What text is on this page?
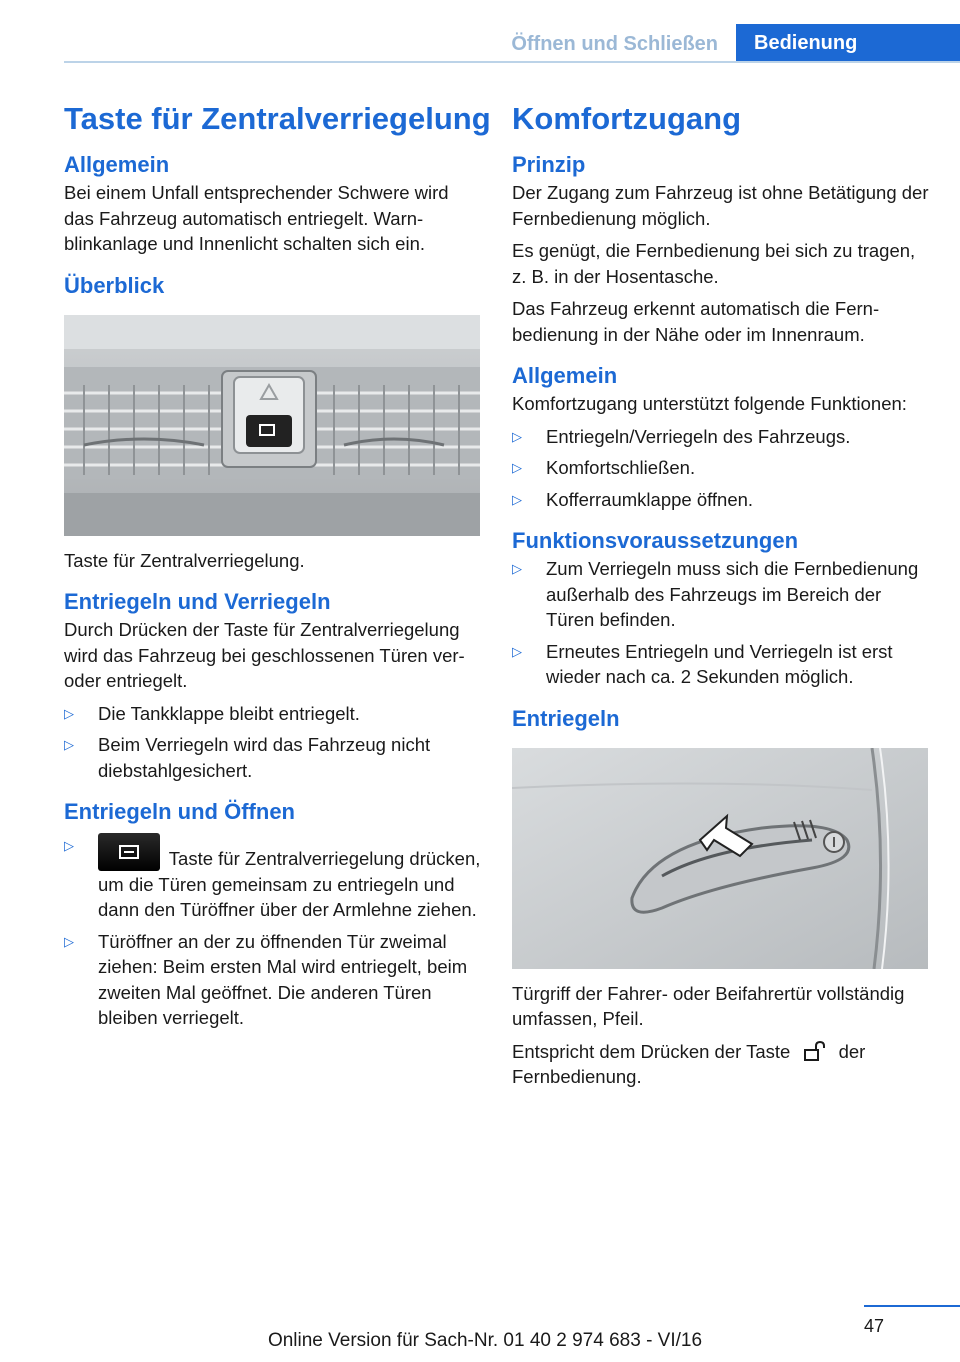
Öffnen und Schließen	Bedienung
Taste für Zentralverriegelung
Allgemein

Bei einem Unfall entsprechender Schwere wird das Fahrzeug automatisch entriegelt. Warnblinkanlage und Innenlicht schalten sich ein.

Überblick

Taste für Zentralverriegelung.

Entriegeln und Verriegeln

Durch Drücken der Taste für Zentralverriegelung wird das Fahrzeug bei geschlossenen Türen ver- oder entriegelt.

▷ Die Tankklappe bleibt entriegelt.
▷ Beim Verriegeln wird das Fahrzeug nicht diebstahlgesichert.
Entriegeln und Öffnen
▷
Taste für Zentralverriegelung drücken, um die Türen gemeinsam zu entriegeln und dann den Türöffner über der Armlehne ziehen.
▷ Türöffner an der zu öffnenden Tür zweimal ziehen: Beim ersten Mal wird entriegelt, beim zweiten Mal geöffnet. Die anderen Türen bleiben verriegelt.
Komfortzugang
Prinzip

Der Zugang zum Fahrzeug ist ohne Betätigung der Fernbedienung möglich.

Es genügt, die Fernbedienung bei sich zu tragen, z. B. in der Hosentasche.

Das Fahrzeug erkennt automatisch die Fernbedienung in der Nähe oder im Innenraum.

Allgemein

Komfortzugang unterstützt folgende Funktionen:

▷ Entriegeln/Verriegeln des Fahrzeugs.
▷ Komfortschließen.
▷ Kofferraumklappe öffnen.
Funktionsvoraussetzungen
▷ Zum Verriegeln muss sich die Fernbedienung außerhalb des Fahrzeugs im Bereich der Türen befinden.
▷ Erneutes Entriegeln und Verriegeln ist erst wieder nach ca. 2 Sekunden möglich.
Entriegeln

Türgriff der Fahrer- oder Beifahrertür vollständig umfassen, Pfeil.

Entspricht dem Drücken der Taste  der Fernbedienung.

47
Online Version für Sach-Nr. 01 40 2 974 683 - VI/16
